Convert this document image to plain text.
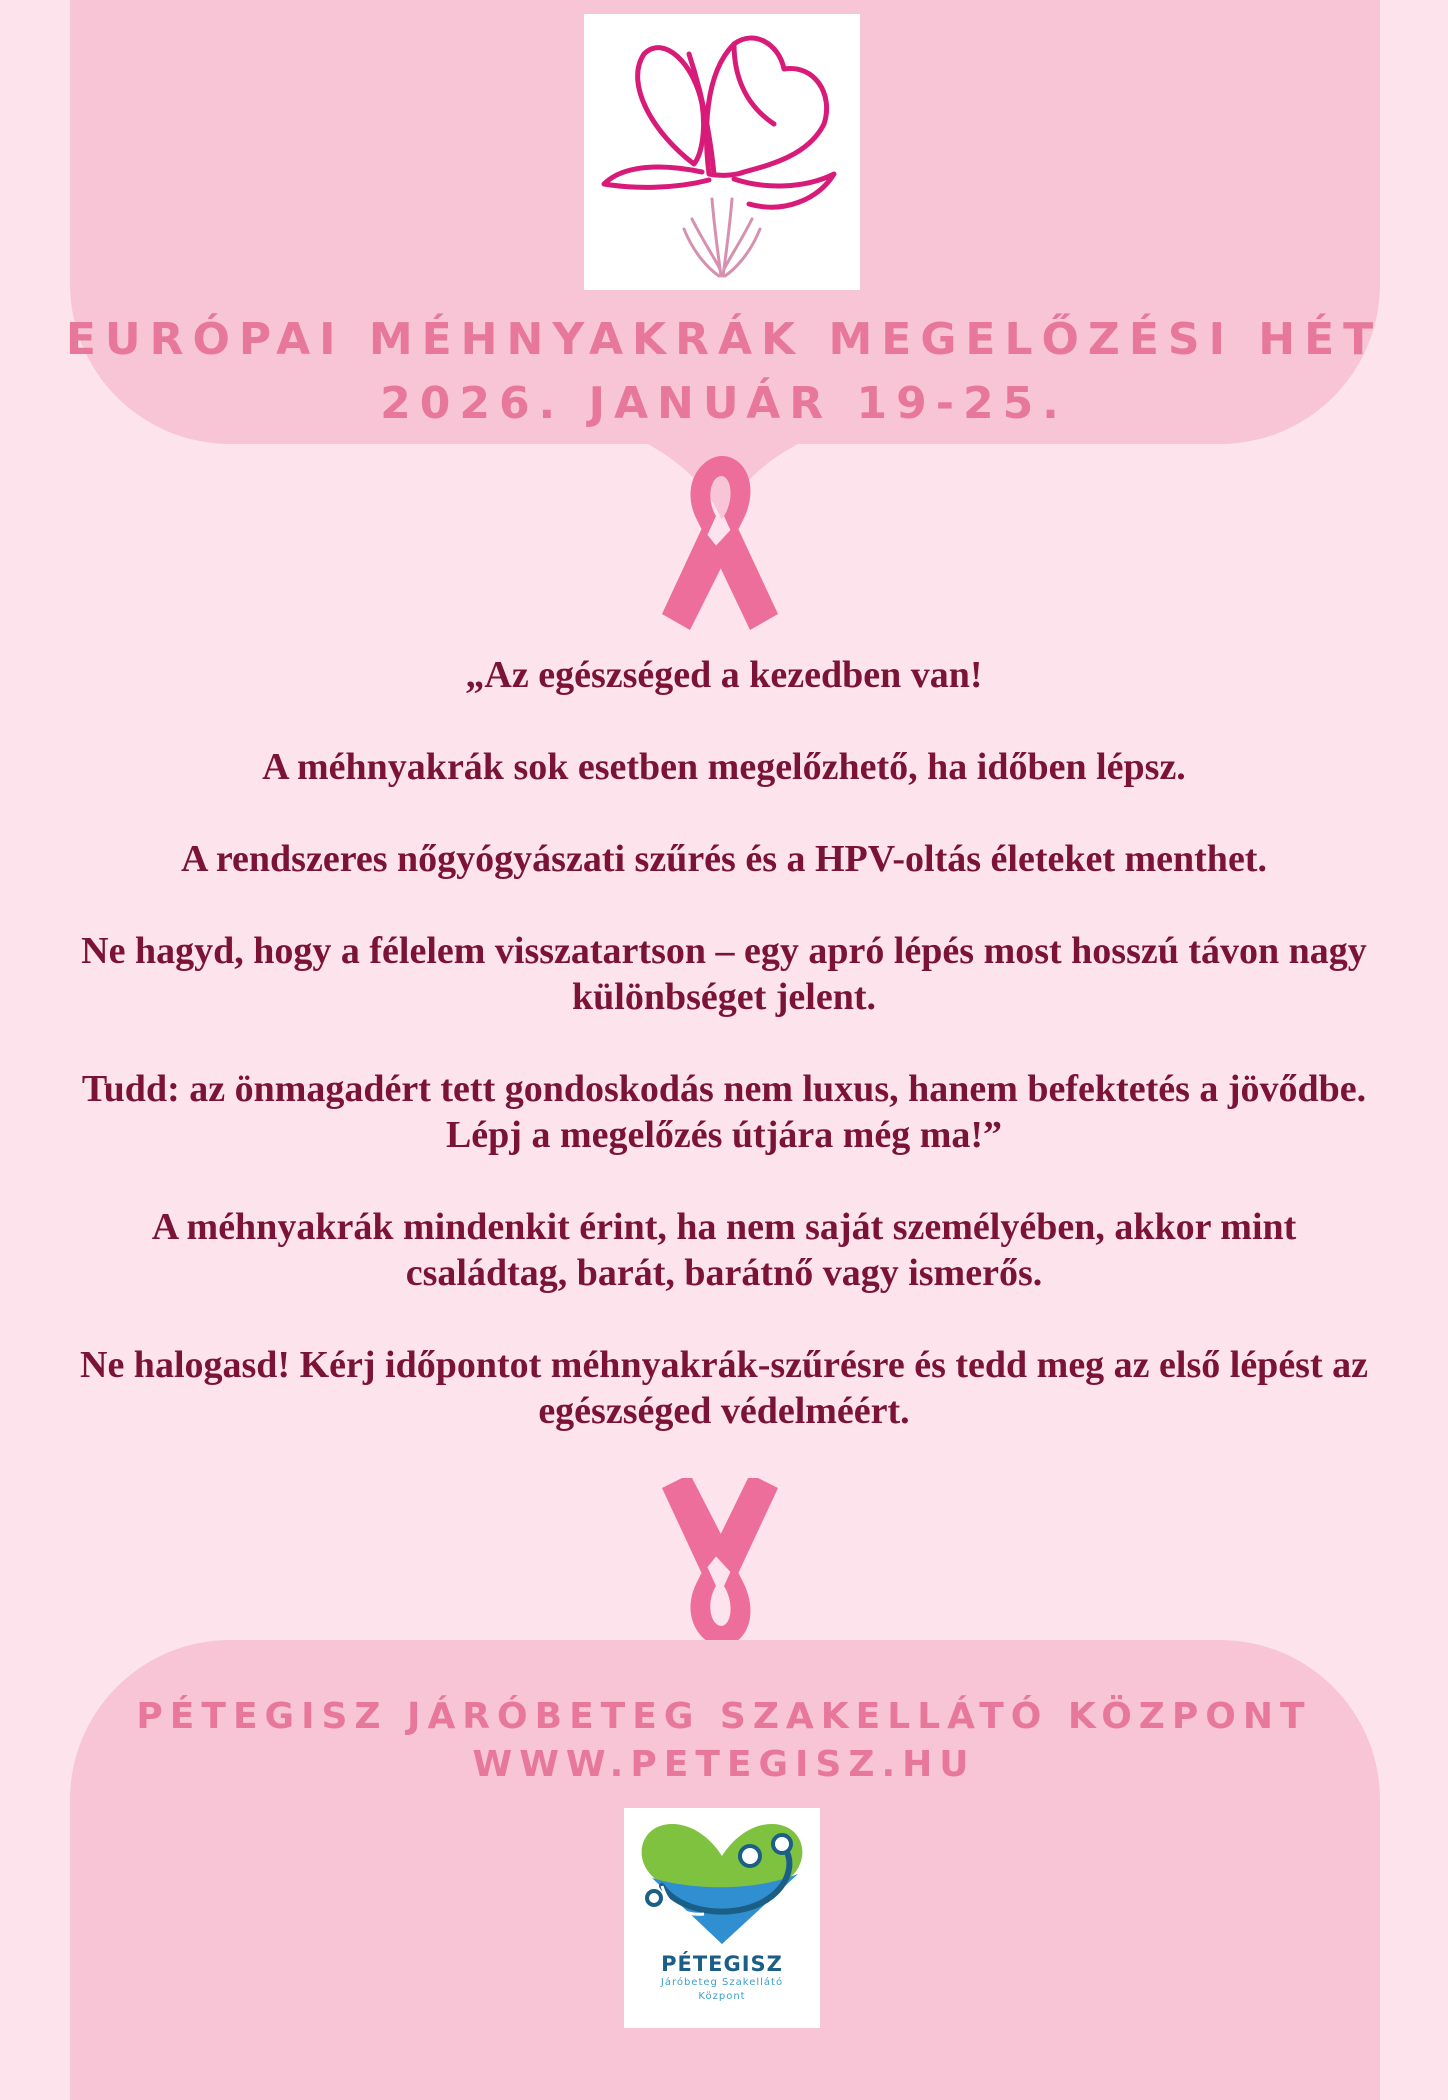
EURÓPAI MÉHNYAKRÁK MEGELŐZÉSI HÉT
2026. JANUÁR 19-25.

„Az egészséged a kezedben van!

A méhnyakrák sok esetben megelőzhető, ha időben lépsz.

A rendszeres nőgyógyászati szűrés és a HPV-oltás életeket menthet.

Ne hagyd, hogy a félelem visszatartson – egy apró lépés most hosszú távon nagy különbséget jelent.

Tudd: az önmagadért tett gondoskodás nem luxus, hanem befektetés a jövődbe. Lépj a megelőzés útjára még ma!”

A méhnyakrák mindenkit érint, ha nem saját személyében, akkor mint családtag, barát, barátnő vagy ismerős.

Ne halogasd! Kérj időpontot méhnyakrák-szűrésre és tedd meg az első lépést az egészséged védelméért.

PÉTEGISZ JÁRÓBETEG SZAKELLÁTÓ KÖZPONT
WWW.PETEGISZ.HU
PÉTEGISZ
Járóbeteg Szakellátó
Központ
